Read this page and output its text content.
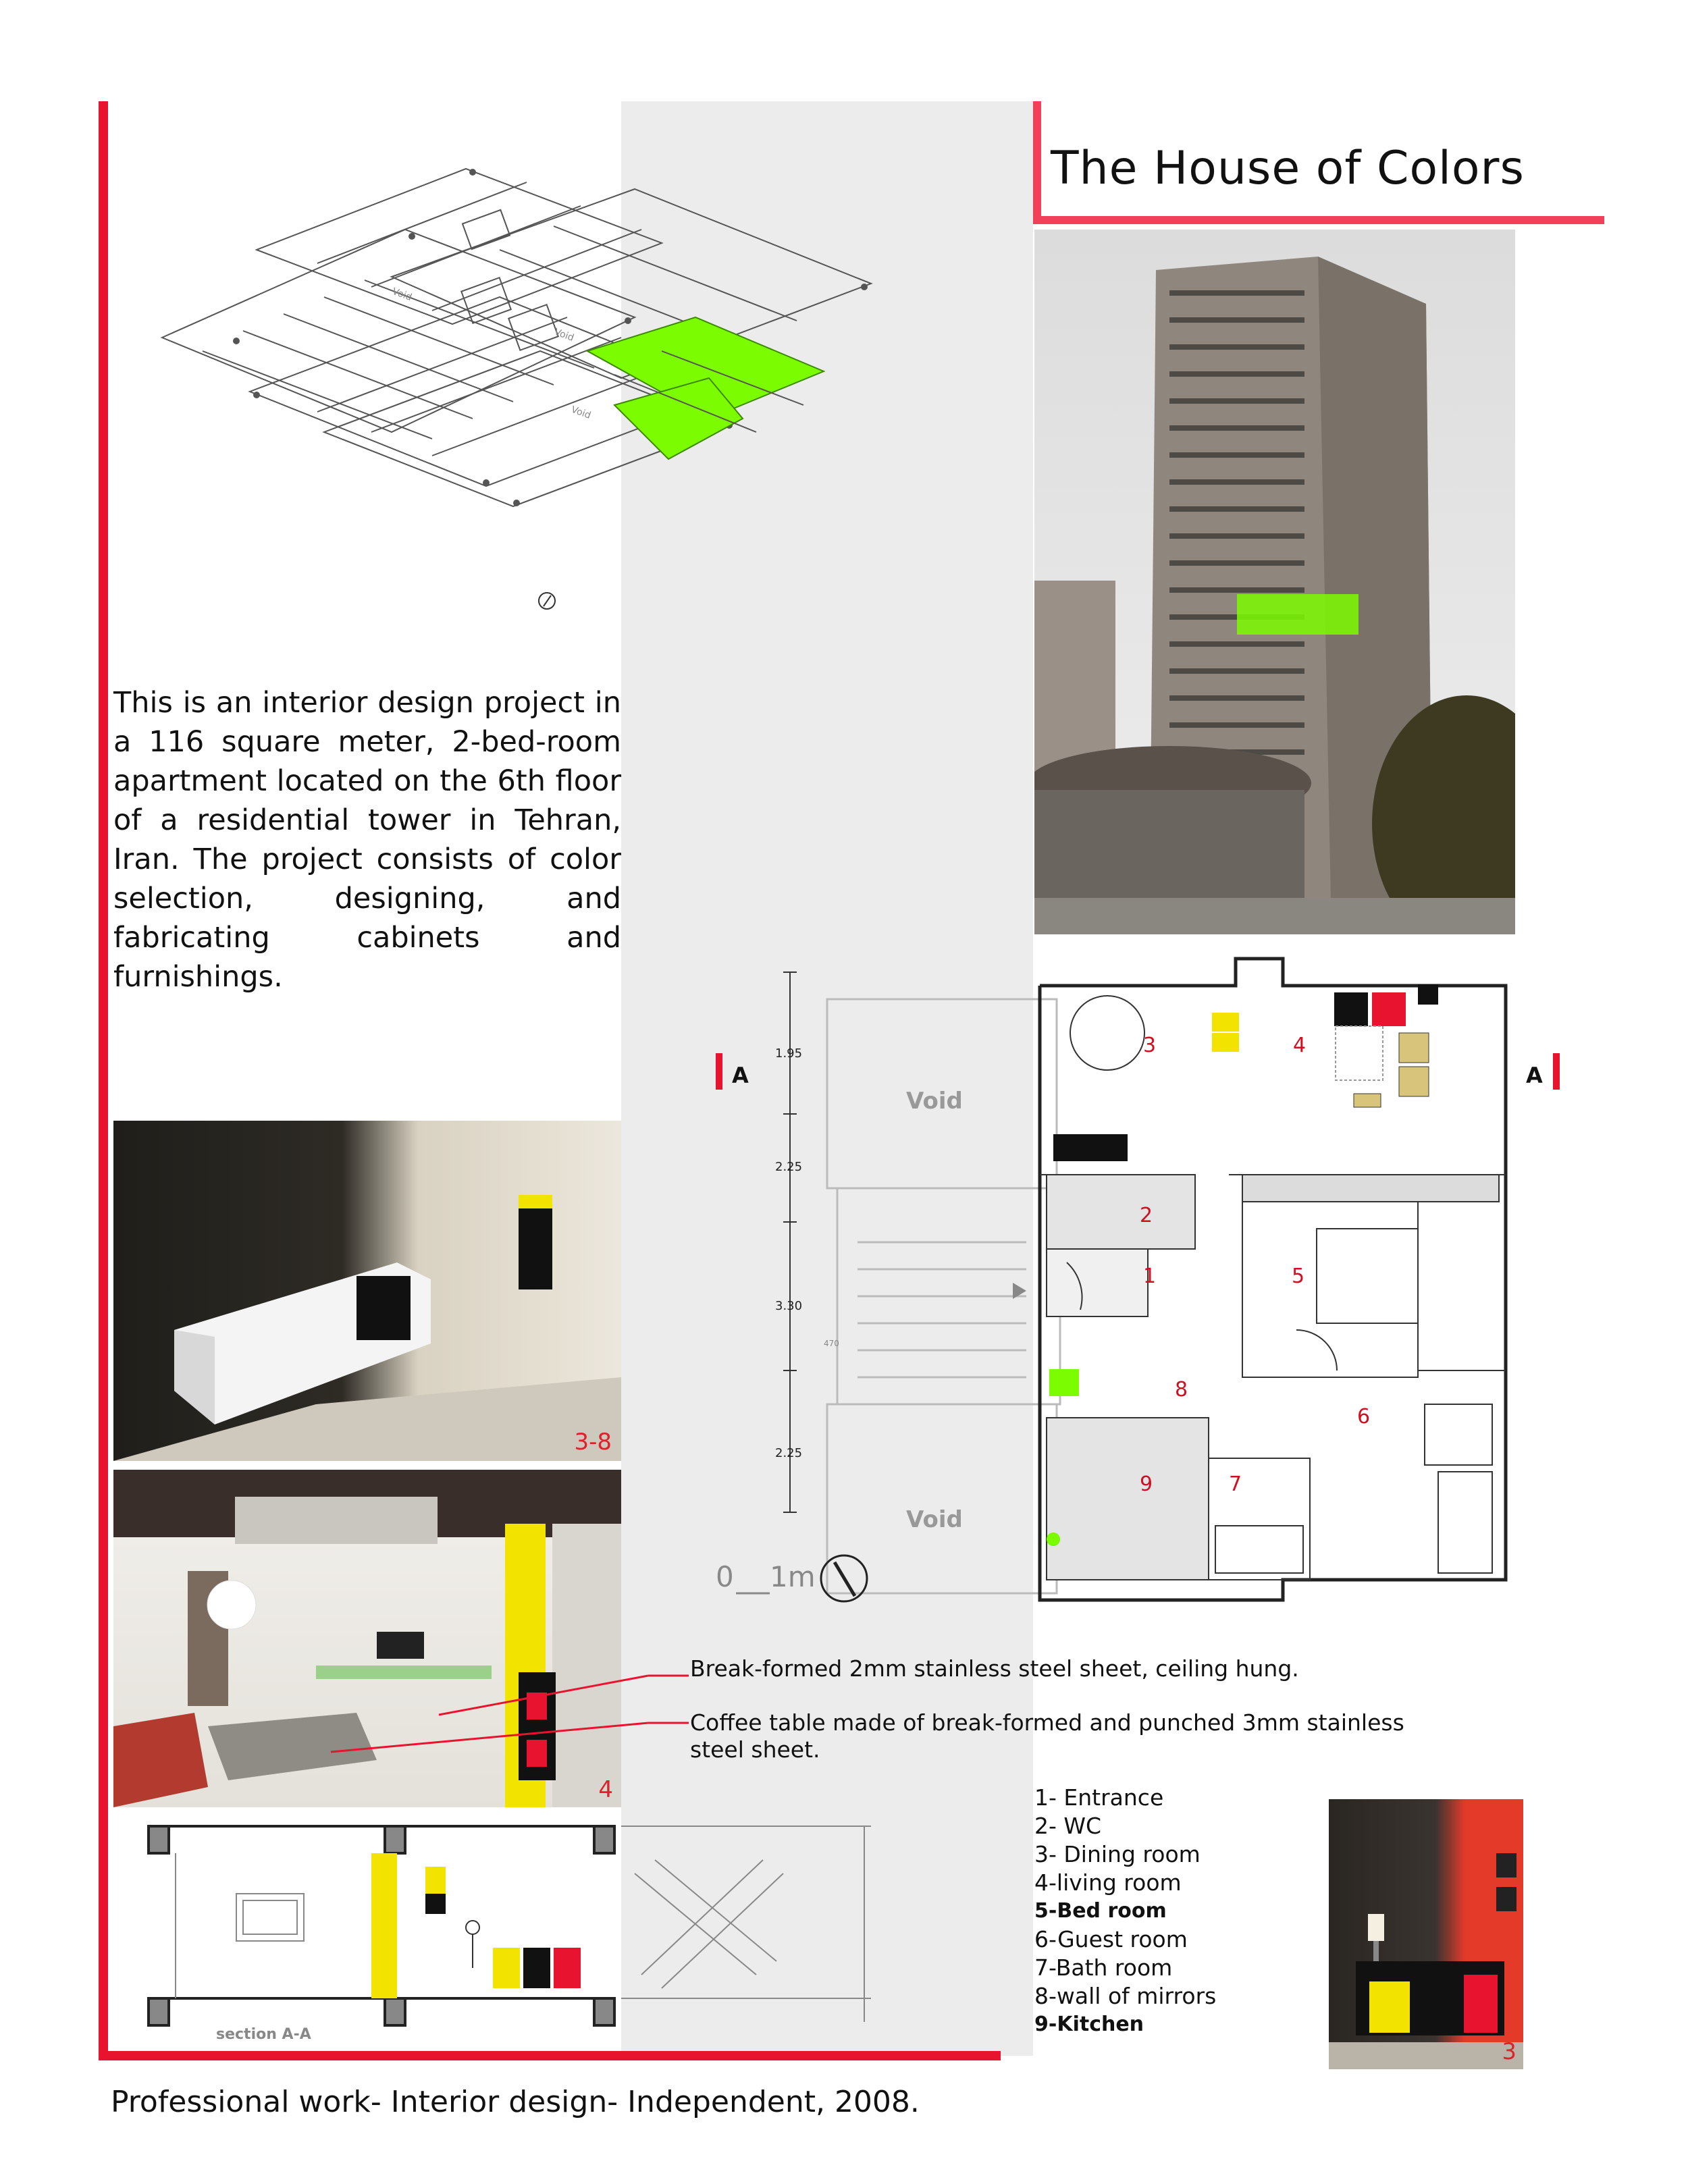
The House of Colors
Void
Void
Void
This is an interior design project in a 116 square meter, 2-bed-room apartment located on the 6th floor of a residential tower in Tehran, Iran. The project consists of color selection, designing, and fabricating cabinets and furnishings.
1.95
2.25
3.30
2.25
Void
Void
470
A	A
1
2
3	4
5
6
7
8
9
0 1m
3-8
4
Break-formed 2mm stainless steel sheet, ceiling hung.
Coffee table made of break-formed and punched 3mm stainless
steel sheet.
section A-A
1- Entrance
2- WC
3- Dining room
4-living room
5-Bed room
6-Guest room
7-Bath room
8-wall of mirrors
9-Kitchen
3
Professional work- Interior design- Independent, 2008.
